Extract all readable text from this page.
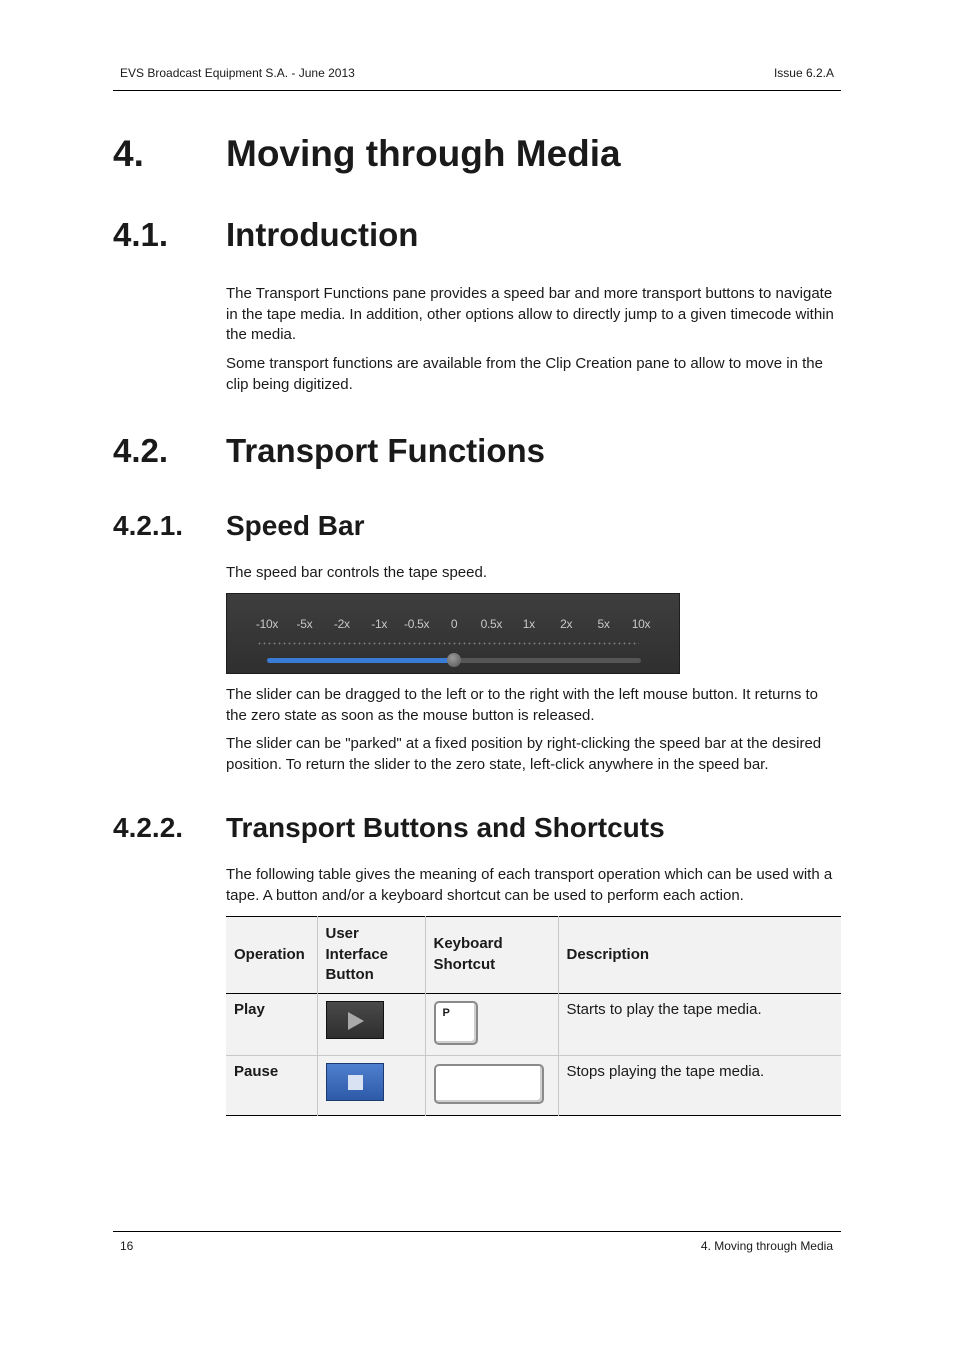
EVS Broadcast Equipment S.A. - June 2013	Issue 6.2.A
4. Moving through Media
4.1. Introduction
The Transport Functions pane provides a speed bar and more transport buttons to navigate in the tape media. In addition, other options allow to directly jump to a given timecode within the media.
Some transport functions are available from the Clip Creation pane to allow to move in the clip being digitized.
4.2. Transport Functions
4.2.1. Speed Bar
The speed bar controls the tape speed.
-10x -5x -2x -1x -0.5x 0 0.5x 1x 2x 5x 10x
The slider can be dragged to the left or to the right with the left mouse button. It returns to the zero state as soon as the mouse button is released.
The slider can be "parked" at a fixed position by right-clicking the speed bar at the desired position. To return the slider to the zero state, left-click anywhere in the speed bar.
4.2.2. Transport Buttons and Shortcuts
The following table gives the meaning of each transport operation which can be used with a tape. A button and/or a keyboard shortcut can be used to perform each action.
Operation	User Interface Button	Keyboard Shortcut	Description
Play		P	Starts to play the tape media.
Pause			Stops playing the tape media.
16	4. Moving through Media
